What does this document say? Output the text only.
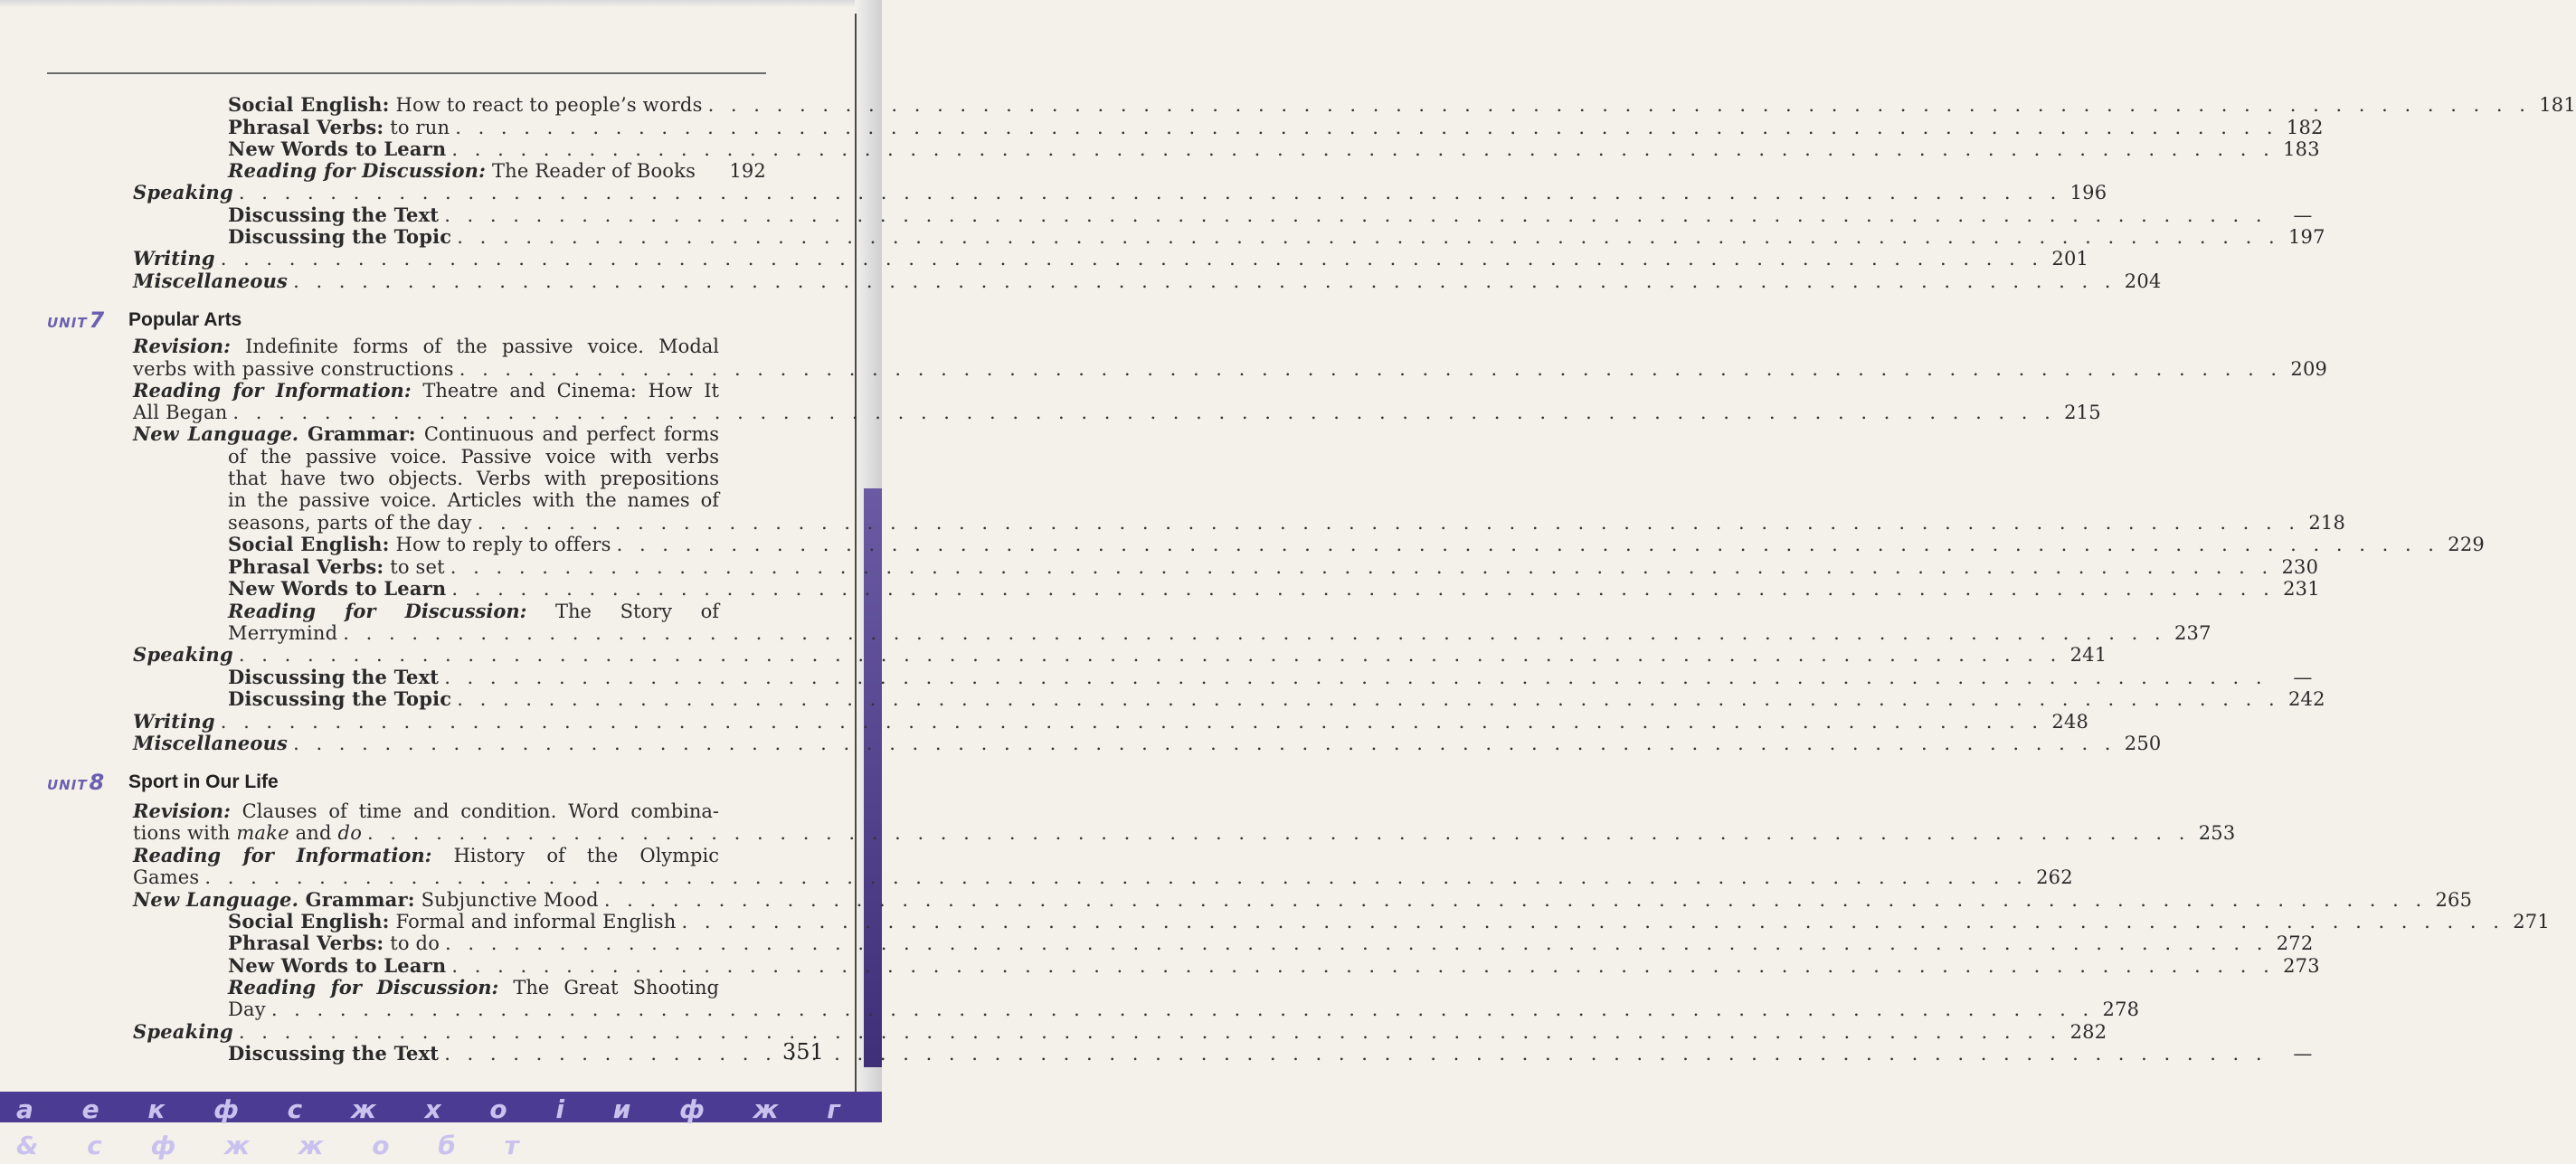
Social English: How to react to people’s words . . .	181
Phrasal Verbs: to run . . .	182
New Words to Learn . . .	183
Reading for Discussion: The Reader of Books 192
Speaking . . .	196
Discussing the Text . . .	—
Discussing the Topic . . .	197
Writing . . .	201
Miscellaneous . . .	204
UNIT7	Popular Arts
Revision: Indefinite forms of the passive voice. Modal
verbs with passive constructions . . .	209
Reading for Information: Theatre and Cinema: How It
All Began . . .	215
New Language. Grammar: Continuous and perfect forms
of the passive voice. Passive voice with verbs
that have two objects. Verbs with prepositions
in the passive voice. Articles with the names of
seasons, parts of the day . . .	218
Social English: How to reply to offers . . .	229
Phrasal Verbs: to set . . .	230
New Words to Learn . . .	231
Reading for Discussion: The Story of
Merrymind . . .	237
Speaking . . .	241
Discussing the Text . . .	—
Discussing the Topic . . .	242
Writing . . .	248
Miscellaneous . . .	250
UNIT8	Sport in Our Life
Revision: Clauses of time and condition. Word combina-
tions with make and do . . .	253
Reading for Information: History of the Olympic
Games . . .	262
New Language. Grammar: Subjunctive Mood . . .	265
Social English: Formal and informal English . . .	271
Phrasal Verbs: to do . . .	272
New Words to Learn . . .	273
Reading for Discussion: The Great Shooting
Day . . .	278
Speaking . . .	282
Discussing the Text . . .	—
351
a e к ф с ж х о і и ф ж г & с ф ж ж о б т
